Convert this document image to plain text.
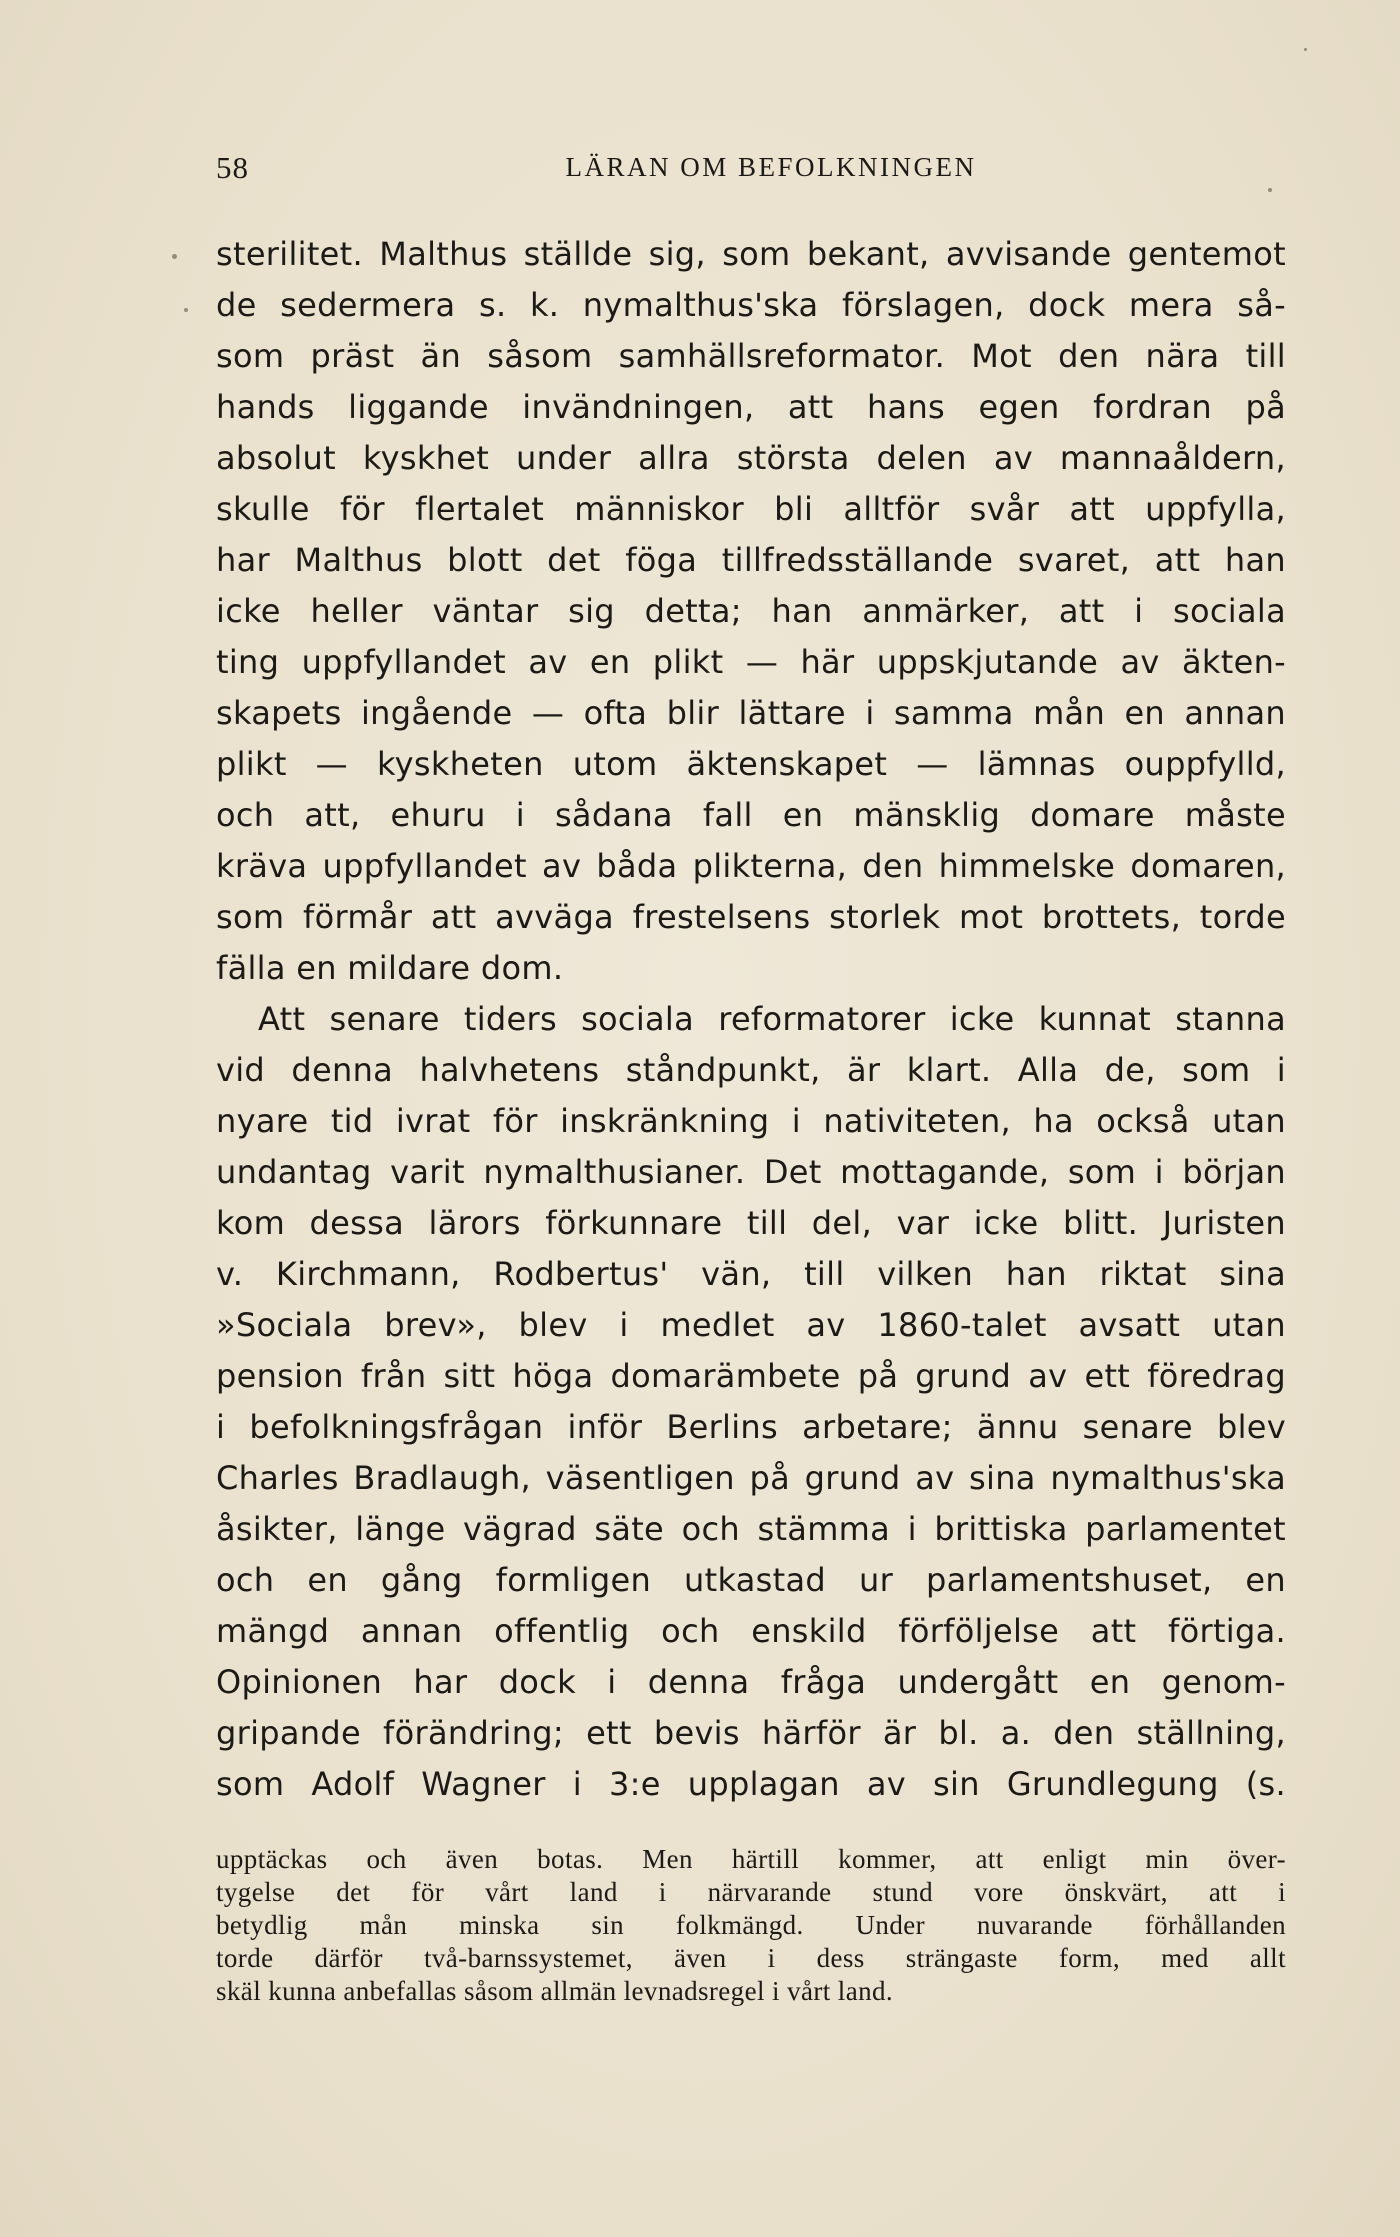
58	LÄRAN OM BEFOLKNINGEN
sterilitet. Malthus ställde sig, som bekant, avvisande gentemot
de sedermera s. k. nymalthus'ska förslagen, dock mera så-
som präst än såsom samhällsreformator. Mot den nära till
hands liggande invändningen, att hans egen fordran på
absolut kyskhet under allra största delen av mannaåldern,
skulle för flertalet människor bli alltför svår att uppfylla,
har Malthus blott det föga tillfredsställande svaret, att han
icke heller väntar sig detta; han anmärker, att i sociala
ting uppfyllandet av en plikt — här uppskjutande av äkten-
skapets ingående — ofta blir lättare i samma mån en annan
plikt — kyskheten utom äktenskapet — lämnas ouppfylld,
och att, ehuru i sådana fall en mänsklig domare måste
kräva uppfyllandet av båda plikterna, den himmelske domaren,
som förmår att avväga frestelsens storlek mot brottets, torde
fälla en mildare dom.
Att senare tiders sociala reformatorer icke kunnat stanna
vid denna halvhetens ståndpunkt, är klart. Alla de, som i
nyare tid ivrat för inskränkning i nativiteten, ha också utan
undantag varit nymalthusianer. Det mottagande, som i början
kom dessa lärors förkunnare till del, var icke blitt. Juristen
v. Kirchmann, Rodbertus' vän, till vilken han riktat sina
»Sociala brev», blev i medlet av 1860-talet avsatt utan
pension från sitt höga domarämbete på grund av ett föredrag
i befolkningsfrågan inför Berlins arbetare; ännu senare blev
Charles Bradlaugh, väsentligen på grund av sina nymalthus'ska
åsikter, länge vägrad säte och stämma i brittiska parlamentet
och en gång formligen utkastad ur parlamentshuset, en
mängd annan offentlig och enskild förföljelse att förtiga.
Opinionen har dock i denna fråga undergått en genom-
gripande förändring; ett bevis härför är bl. a. den ställning,
som Adolf Wagner i 3:e upplagan av sin Grundlegung (s.
upptäckas och även botas. Men härtill kommer, att enligt min över-
tygelse det för vårt land i närvarande stund vore önskvärt, att i
betydlig mån minska sin folkmängd. Under nuvarande förhållanden
torde därför två-barnssystemet, även i dess strängaste form, med allt
skäl kunna anbefallas såsom allmän levnadsregel i vårt land.
